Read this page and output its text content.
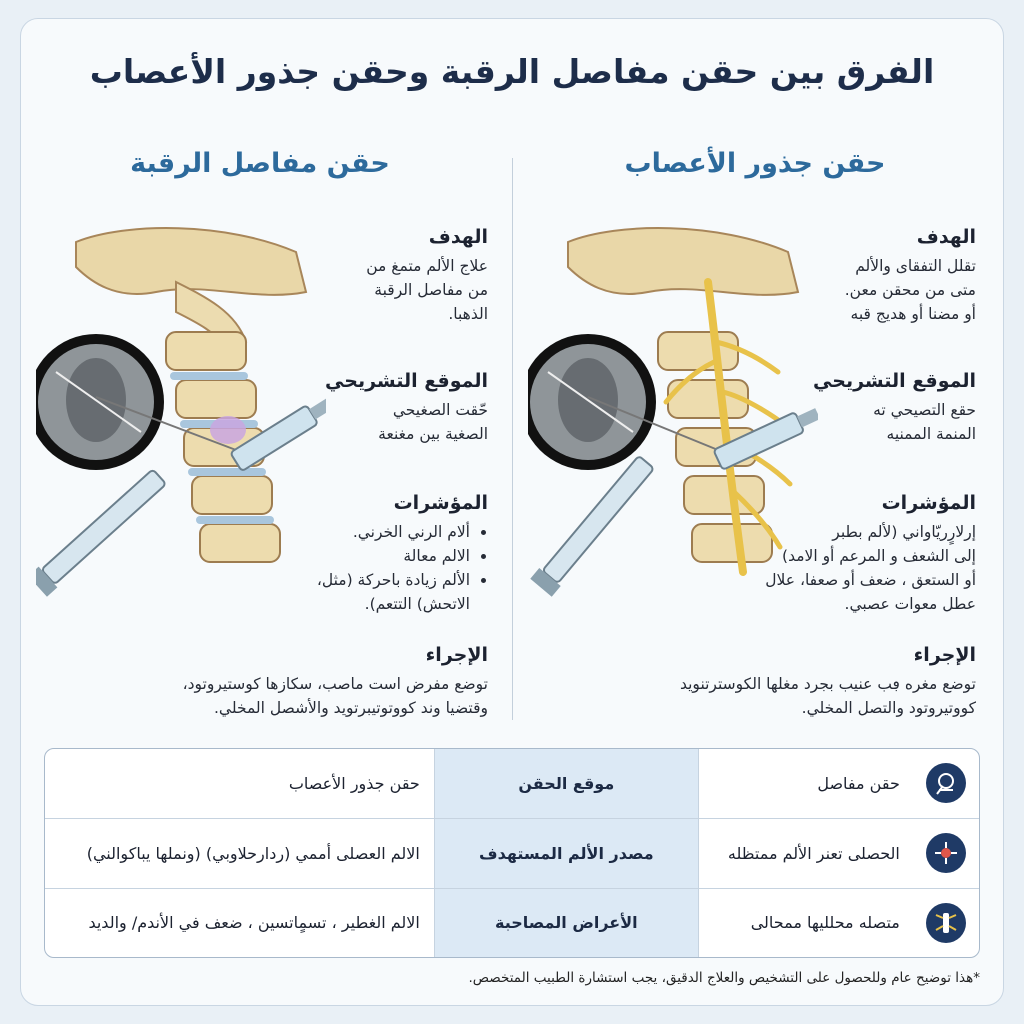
الفرق بين حقن مفاصل الرقبة وحقن جذور الأعصاب
حقن مفاصل الرقبة	حقن جذور الأعصاب

الهدف

علاج الألم متمغ من
من مفاصل الرقبة
الذهبا.

الموقع التشريحي

حّقت الصغيحي
الصغية بين مغنعة

المؤشرات

• ألام الرني الخرني.
• الالم معالة
• الألم زيادة باحركة (مثل، الاتحش) التتعم).

الإجراء

توضع مفرض است ماصب، سكازها كوستيروتود،
وقتضيا وند كووتوتيبرتويد والأشصل المخلي.

الهدف

تقلل التفقاى والألم
متى من محقن معن.
أو مضنا أو هديج قبه

الموقع التشريحي

حقع التصيحي ته
المنمة الممنيه

المؤشرات

إرلارٍريّاواني (لألم بطبر
إلى الشعف و المرعم أو الامد)
أو الستعق ، ضعف أو صعفا، علال
عطل معوات عصبي.

الإجراء

توضع مغره ڢب عنيب بجرد مغلها الكوسترتنويد
كووتيروتود والتصل المخلي.
	حقن مفاصل	موقع الحقن	حقن جذور الأعصاب

	الحصلى تعنر الألم ممتظله	مصدر الألم المستهدف	الالم العصلى أممي (ردارحلاوبي) (ونملها يباكوالني)

	متصله محلليها ممحالى	الأعراض المصاحبة	الالم الغطير ، تسمٍاتسين ، ضعف في الأندم/ والديد
*هذا توضيح عام وللحصول على التشخيص والعلاج الدقيق، يجب استشارة الطبيب المتخصص.
